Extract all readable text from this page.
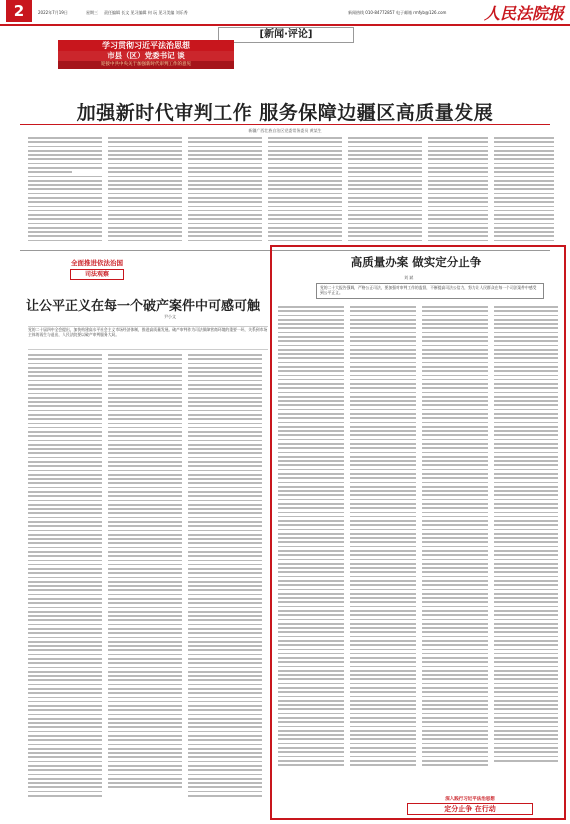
2	2022年7月19日	星期三 责任编辑 长文 见习编辑 何 玩 见习美编 刘乐秀	新闻热线 010-84772857 电子邮箱 rmfyb@126.com 人民法院报
[新闻·评论]
学习贯彻习近平法治思想
市县（区）党委书记 谈
迎接中共中央关于加强新时代审判工作的意见
加强新时代审判工作 服务保障边疆区高质量发展
新疆广西壮族自治区党委常务委员 黄某生
全面推进依法治国
司法观察
让公平正义在每一个破产案件中可感可触
尹小文
党的二十届四中全会提出，加快构建高水平社会主义市场经济体制，推进高质量发展。破产审判作为司法保障营商环境的重要一环，关系到市场主体的再生与退出，人民法院要以破产审判服务大局。
高质量办案 做实定分止争
刘 斌
党的二十大报告强调，严格公正司法，要加强对审判工作的监督，不断提高司法公信力，努力让人民群众在每一个司法案件中感受到公平正义。
深入践行习近平法治思想
定分止争 在行动
